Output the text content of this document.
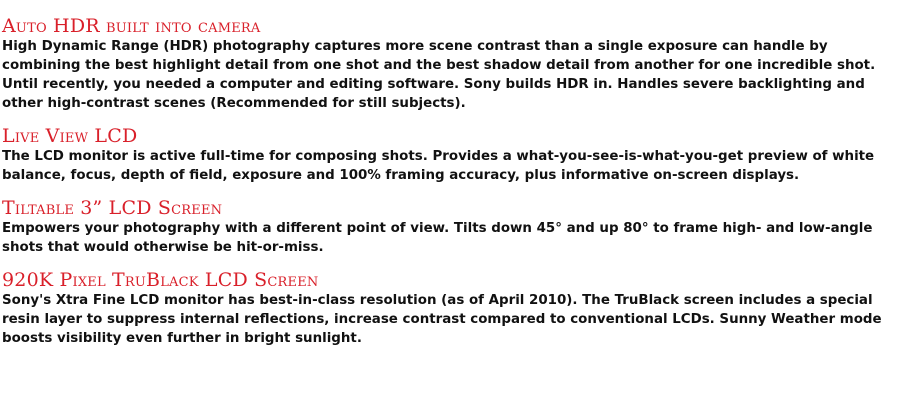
Auto HDR built into camera

High Dynamic Range (HDR) photography captures more scene contrast than a single exposure can handle by combining the best highlight detail from one shot and the best shadow detail from another for one incredible shot. Until recently, you needed a computer and editing software. Sony builds HDR in. Handles severe backlighting and other high-contrast scenes (Recommended for still subjects).

Live View LCD

The LCD monitor is active full-time for composing shots. Provides a what-you-see-is-what-you-get preview of white balance, focus, depth of field, exposure and 100% framing accuracy, plus informative on-screen displays.

Tiltable 3” LCD Screen

Empowers your photography with a different point of view. Tilts down 45° and up 80° to frame high- and low-angle shots that would otherwise be hit-or-miss.

920K Pixel TruBlack LCD Screen

Sony's Xtra Fine LCD monitor has best-in-class resolution (as of April 2010). The TruBlack screen includes a special resin layer to suppress internal reflections, increase contrast compared to conventional LCDs. Sunny Weather mode boosts visibility even further in bright sunlight.
